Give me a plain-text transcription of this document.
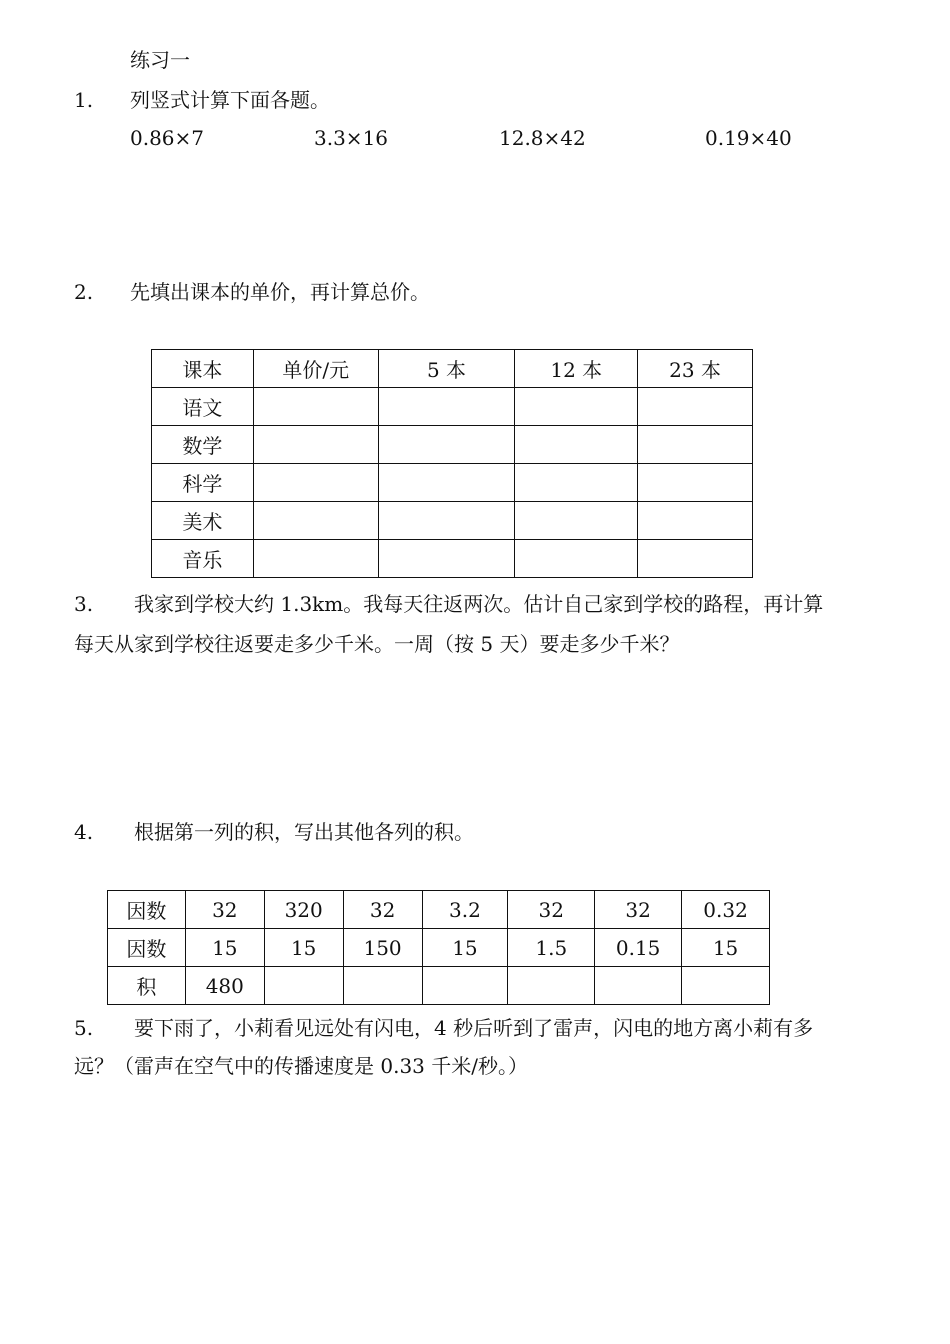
练习一
1. 列竖式计算下面各题。
0.86×7	3.3×16	12.8×42	0.19×40
2. 先填出课本的单价，再计算总价。
课本	单价/元	5 本	12 本	23 本
语文				
数学				
科学				
美术				
音乐				
3. 我家到学校大约 1.3km。我每天往返两次。估计自己家到学校的路程，再计算
每天从家到学校往返要走多少千米。一周（按 5 天）要走多少千米？
4. 根据第一列的积，写出其他各列的积。
因数	32	320	32	3.2	32	32	0.32
因数	15	15	150	15	1.5	0.15	15
积	480						
5. 要下雨了，小莉看见远处有闪电，4 秒后听到了雷声，闪电的地方离小莉有多
远？（雷声在空气中的传播速度是 0.33 千米/秒。）
